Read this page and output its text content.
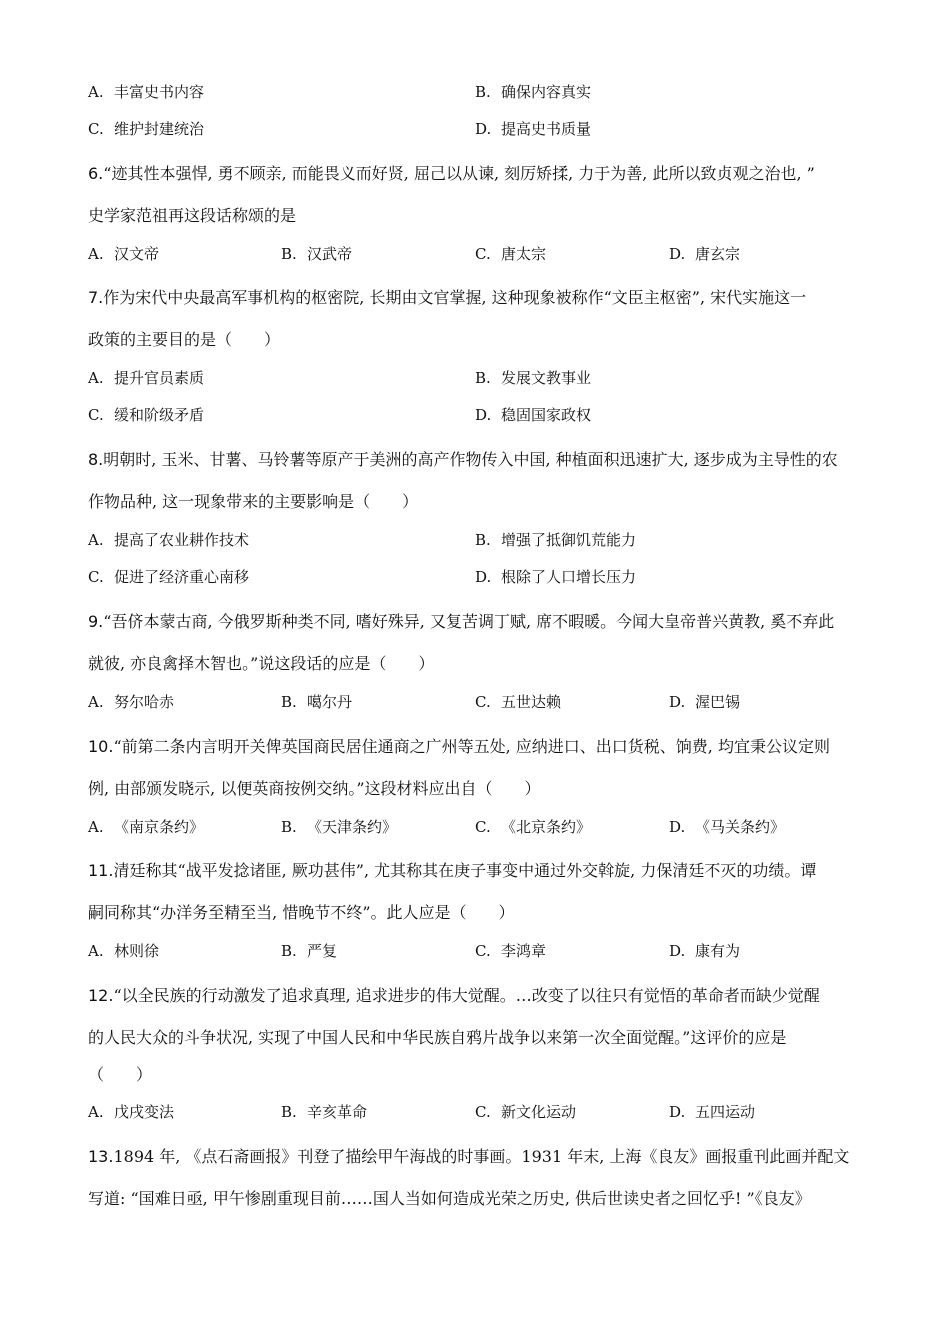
A. 丰富史书内容	B. 确保内容真实
C. 维护封建统治	D. 提高史书质量
6.“迹其性本强悍, 勇不顾亲, 而能畏义而好贤, 屈己以从谏, 刻厉矫揉, 力于为善, 此所以致贞观之治也, ”
史学家范祖再这段话称颂的是
A. 汉文帝	B. 汉武帝	C. 唐太宗	D. 唐玄宗
7.作为宋代中央最高军事机构的枢密院, 长期由文官掌握, 这种现象被称作“文臣主枢密”, 宋代实施这一
政策的主要目的是（　　）
A. 提升官员素质	B. 发展文教事业
C. 缓和阶级矛盾	D. 稳固国家政权
8.明朝时, 玉米、甘薯、马铃薯等原产于美洲的高产作物传入中国, 种植面积迅速扩大, 逐步成为主导性的农
作物品种, 这一现象带来的主要影响是（　　）
A. 提高了农业耕作技术	B. 增强了抵御饥荒能力
C. 促进了经济重心南移	D. 根除了人口增长压力
9.“吾侪本蒙古商, 今俄罗斯种类不同, 嗜好殊异, 又复苦调丁赋, 席不暇暖。今闻大皇帝普兴黄教, 奚不弃此
就彼, 亦良禽择木智也。”说这段话的应是（　　）
A. 努尔哈赤	B. 噶尔丹	C. 五世达赖	D. 渥巴锡
10.“前第二条内言明开关俾英国商民居住通商之广州等五处, 应纳进口、出口货税、饷费, 均宜秉公议定则
例, 由部颁发晓示, 以便英商按例交纳。”这段材料应出自（　　）
A. 《南京条约》	B. 《天津条约》	C. 《北京条约》	D. 《马关条约》
11.清廷称其“战平发捻诸匪, 厥功甚伟”, 尤其称其在庚子事变中通过外交斡旋, 力保清廷不灭的功绩。谭
嗣同称其“办洋务至精至当, 惜晚节不终”。此人应是（　　）
A. 林则徐	B. 严复	C. 李鸿章	D. 康有为
12.“以全民族的行动激发了追求真理, 追求进步的伟大觉醒。…改变了以往只有觉悟的革命者而缺少觉醒
的人民大众的斗争状况, 实现了中国人民和中华民族自鸦片战争以来第一次全面觉醒。”这评价的应是
（　　）
A. 戊戌变法	B. 辛亥革命	C. 新文化运动	D. 五四运动
13.1894 年, 《点石斋画报》刊登了描绘甲午海战的时事画。1931 年末, 上海《良友》画报重刊此画并配文
写道: “国难日亟, 甲午惨剧重现目前……国人当如何造成光荣之历史, 供后世读史者之回忆乎! ”《良友》
